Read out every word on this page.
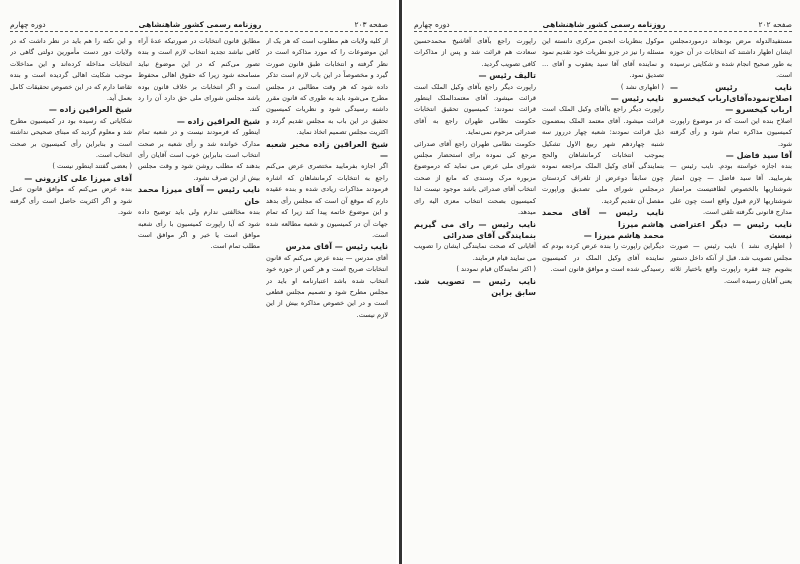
دوره چهارم	روزنامه رسمی کشور شاهنشاهی	صفحه ۲۰۳

از کلیه ولایات هم مطلوب است که هر یک از این موضوعات را که مورد مذاکره است در نظر گرفته و انتخابات طبق قانون صورت گیرد و مخصوصاً در این باب لازم است تذکر داده شود که هر وقت مطالبی در مجلس مطرح می‌شود باید به طوری که قانون مقرر داشته رسیدگی شود و نظریات کمیسیون تحقیق در این باب به مجلس تقدیم گردد و اکثریت مجلس تصمیم اتخاذ نماید.

شیخ العراقین زاده مخبر شعبه —

اگر اجازه بفرمایید مختصری عرض می‌کنم راجع به انتخابات کرمانشاهان که اشاره فرمودند مذاکرات زیادی شده و بنده عقیده دارم که موقع آن است که مجلس رأی بدهد و این موضوع خاتمه پیدا کند زیرا که تمام جهات آن در کمیسیون و شعبه مطالعه شده است.

نایب رئیس — آقای مدرس

آقای مدرس — بنده عرض می‌کنم که قانون انتخابات صریح است و هر کس از حوزه خود انتخاب شده باشد اعتبارنامه او باید در مجلس مطرح شود و تصمیم مجلس قطعی است و در این خصوص مذاکره بیش از این لازم نیست.

مطابق قانون انتخابات در صورتیکه عدهٔ آراء کافی نباشد تجدید انتخاب لازم است و بنده تصور می‌کنم که در این موضوع نباید مسامحه شود زیرا که حقوق اهالی محفوظ است و اگر انتخابات بر خلاف قانون بوده باشد مجلس شورای ملی حق دارد آن را رد کند.

شیخ العراقین زاده —

اینطور که فرمودند نیست و در شعبه تمام مدارک خوانده شد و رأی شعبه بر صحت انتخاب است بنابراین خوب است آقایان رأی بدهند که مطلب روشن شود و وقت مجلس بیش از این صرف نشود.

نایب رئیس — آقای میرزا محمد خان

بنده مخالفتی ندارم ولی باید توضیح داده شود که آیا راپورت کمیسیون با رأی شعبه موافق است یا خیر و اگر موافق است مطلب تمام است.

و این نکته را هم باید در نظر داشت که در ولایات دور دست مأمورین دولتی گاهی در انتخابات مداخله کرده‌اند و این مداخلات موجب شکایت اهالی گردیده است و بنده تقاضا دارم که در این خصوص تحقیقات کامل بعمل آید.

شیخ العراقین زاده —

شکایاتی که رسیده بود در کمیسیون مطرح شد و معلوم گردید که مبنای صحیحی نداشته است و بنابراین رأی کمیسیون بر صحت انتخاب است.

( بعضی گفتند اینطور نیست )

آقای میرزا علی کازرونی —

بنده عرض می‌کنم که موافق قانون عمل شود و اگر اکثریت حاصل است رأی گرفته شود.

دوره چهارم	روزنامه رسمی کشور شاهنشاهی	صفحه ۲۰۲

مستفیدالدوله مرض بودهاند درموردمجلس ایشان اظهار داشتند که انتخابات در آن حوزه به طور صحیح انجام شده و شکایتی نرسیده است.

نایب رئیس — اصلاح‌نموده‌آقای‌ارباب کیخسرو

ارباب کیخسرو —

اصلاح بنده این است که در موضوع راپورت کمیسیون مذاکره تمام شود و رأی گرفته شود.

آقا سید فاضل —

بنده اجازه خواسته بودم. نایب رئیس — بفرمایید. آقا سید فاضل — چون امتیاز شوشتاریها بالخصوص لطافتیست مرامتیاز شوشتاریها لازم قبول واقع است چون علی مدارج قانونی نگرفته تلقی است.

نایب رئیس — دیگر اعتراضی نیست

( اظهاری نشد ) نایب رئیس — صورت مجلس تصویب شد. قبل از آنکه داخل دستور بشویم چند فقره راپورت واقع باختیار ثلاثه یعنی آقایان رسیده است.

موکول بنظریات انجمن مرکزی دانسته این مسئله را نیز در جزو نظریات خود تقدیم نمود و نماینده آقای آقا سید یعقوب و آقای ... تصدیق نمود.

( اظهاری نشد )

نایب رئیس —

راپورت دیگر راجع باآقای وکیل الملک است قرائت میشود. آقای معتمد الملک بمضمون ذیل قرائت نمودند: شعبه چهار درروز سه شنبه چهاردهم شهر ربیع الاول تشکیل بموجب انتخابات کرمانشاهان والحج بنمایندگی آقای وکیل الملک مراجعه نموده چون سابقاً دوعرض از تلغراف کردستان درمجلس شورای ملی تصدیق وراپورت مفصل آن تقدیم گردید.

نایب رئیس — آقای محمد هاشم میرزا

محمد هاشم میرزا —

دیگراین راپورت را بنده عرض کرده بودم که نماینده آقای وکیل الملک در کمیسیون رسیدگی شده است و موافق قانون است.

راپورت راجع بآقای آقاشیخ محمدحسین سعادت هم قرائت شد و پس از مذاکرات کافی تصویب گردید.

تالیف رئیس —

راپورت دیگر راجع بآقای وکیل الملک است قرائت میشود. آقای معتمدالملک اینطور قرائت نمودند: کمیسیون تحقیق انتخابات حکومت نظامی طهران راجع به آقای صدرائی مرحوم نمی‌نماید.

حکومت نظامی طهران راجع آقای صدرائی مرجع کی نموده برای استحضار مجلس شورای ملی عرض می نماید که درموضوع مزبوره مرک وسندی که مانع از صحت انتخاب آقای صدرائی باشد موجود نیست لذا کمیسیون بصحت انتخاب معزی الیه رای میدهد.

نایب رئیس — رای می گیریم بنمایندگی آقای صدرائی

آقایانی که صحت نمایندگی ایشان را تصویب می نمایند قیام فرمایند.

( اکثر نمایندگان قیام نمودند )

نایب رئیس — تصویب شد. سابق براین
